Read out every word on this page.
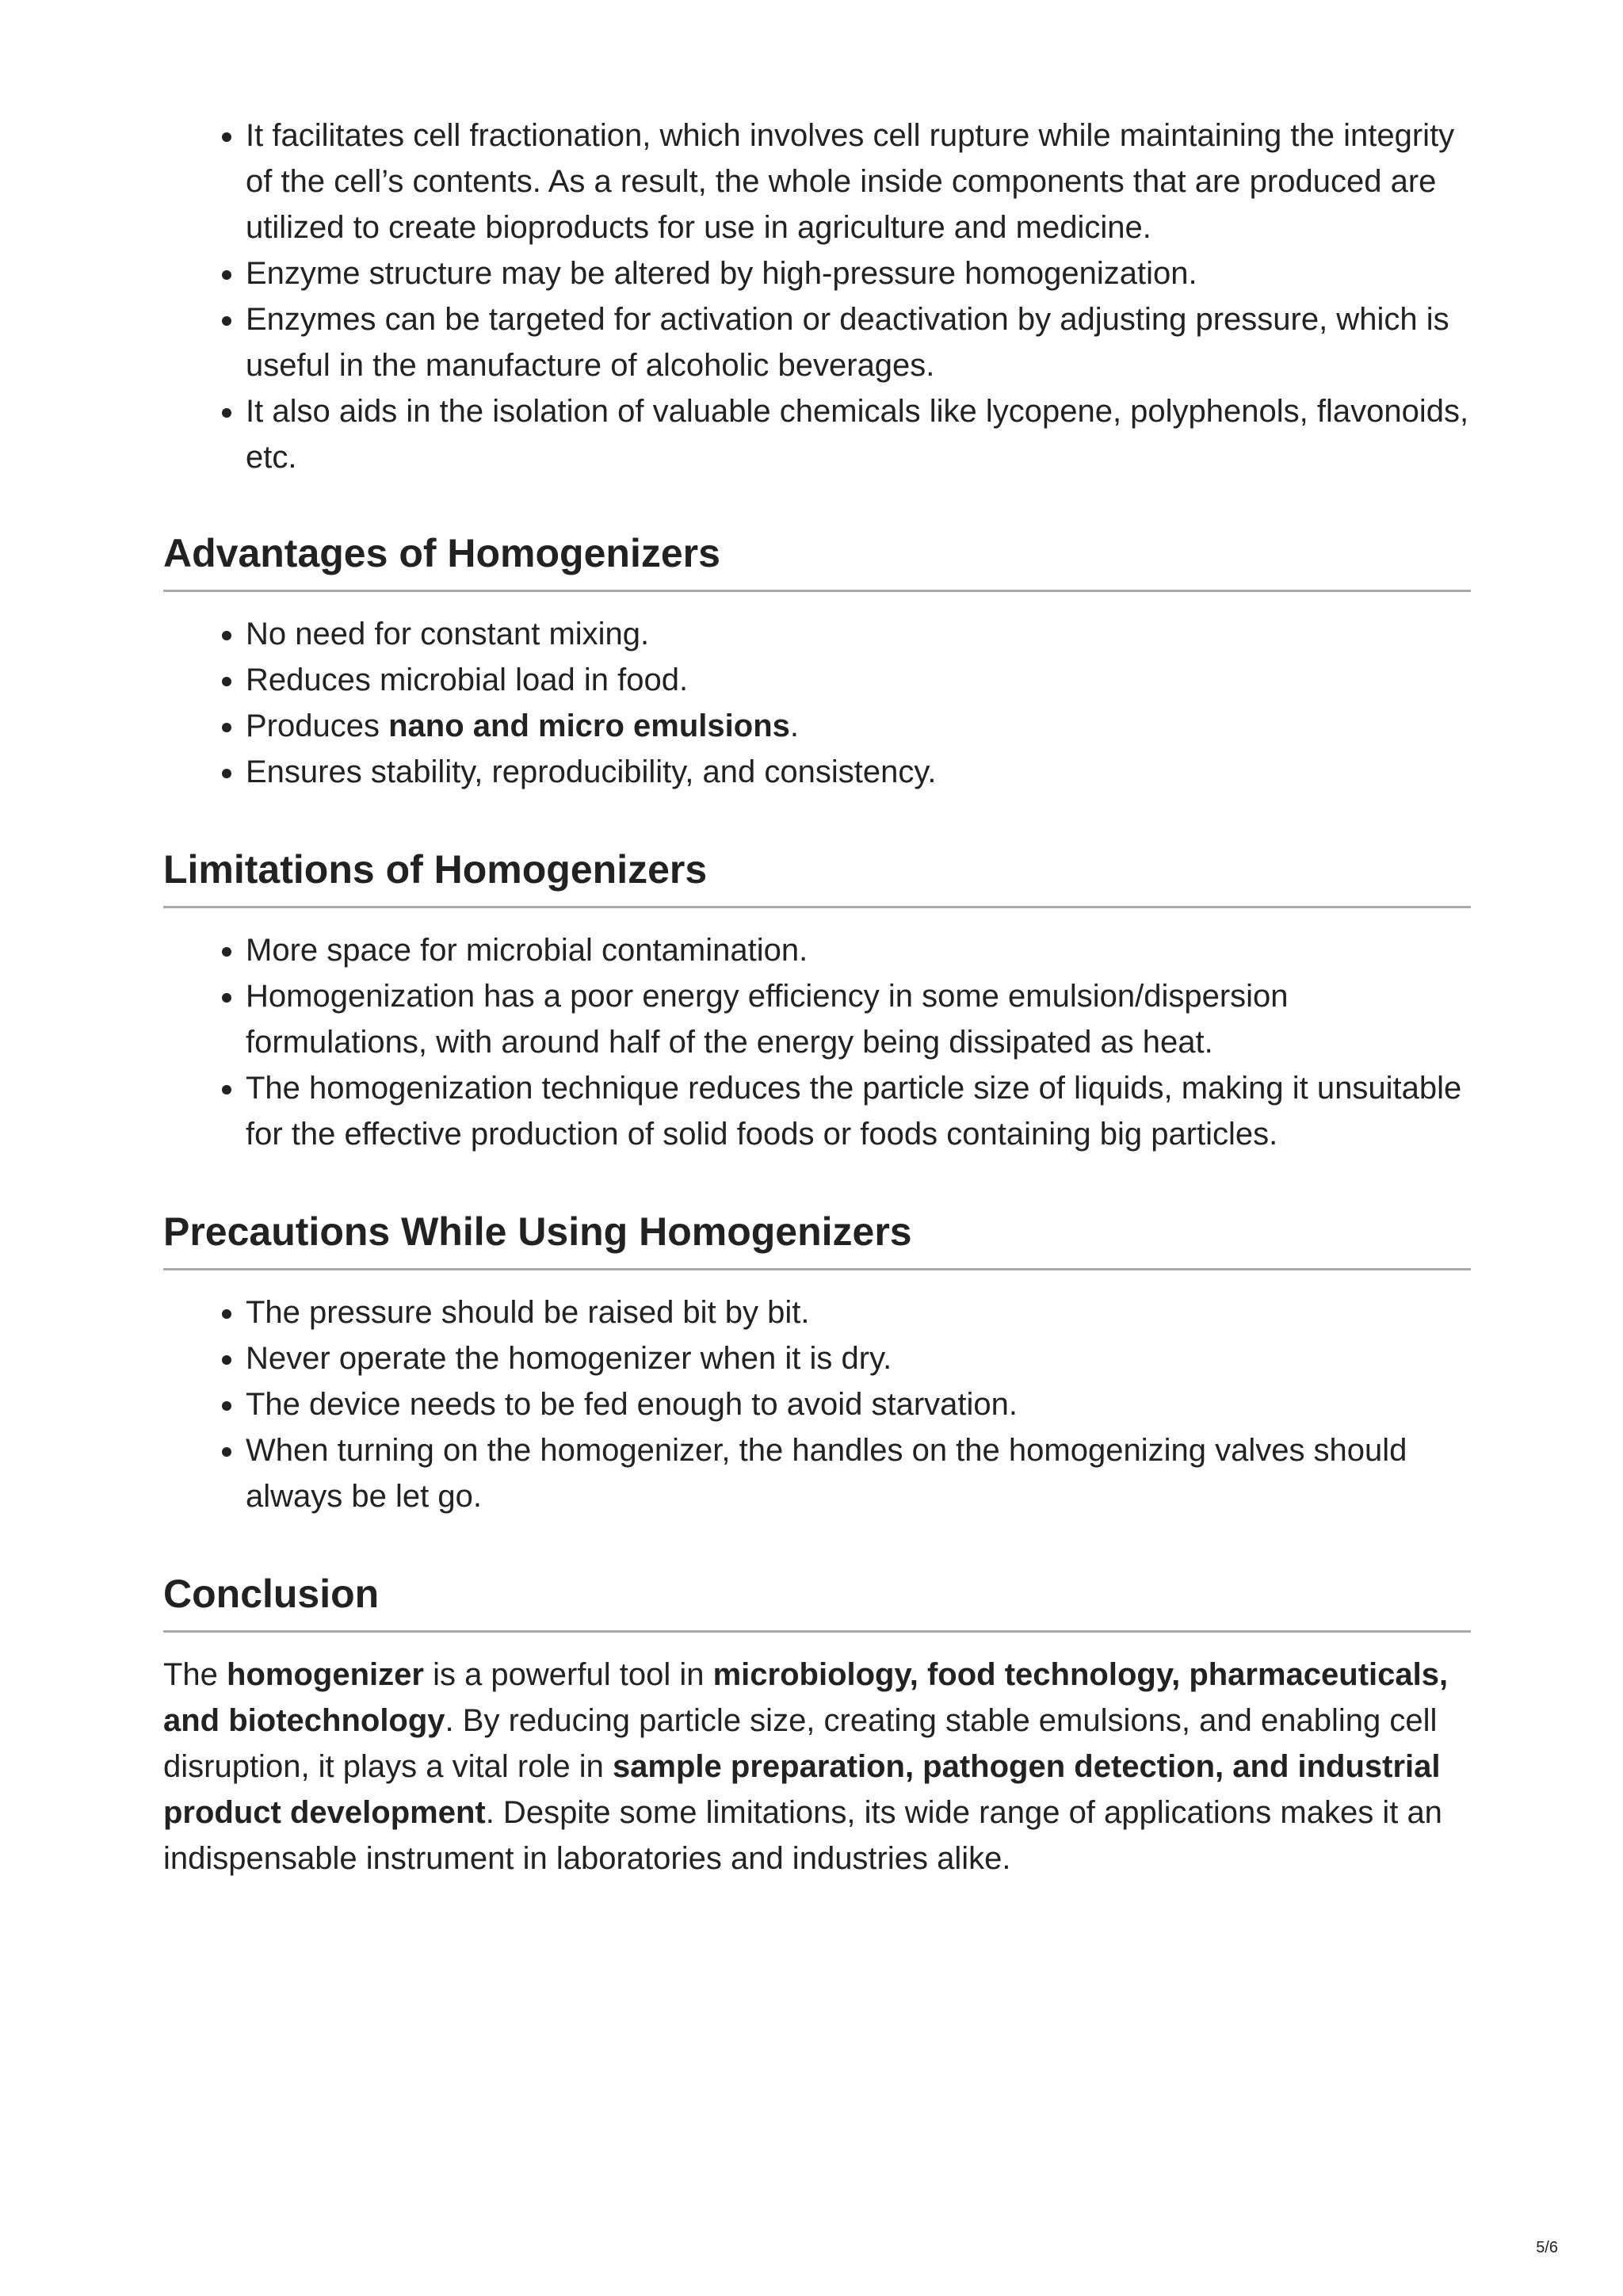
• It facilitates cell fractionation, which involves cell rupture while maintaining the integrity of the cell’s contents. As a result, the whole inside components that are produced are utilized to create bioproducts for use in agriculture and medicine.
• Enzyme structure may be altered by high-pressure homogenization.
• Enzymes can be targeted for activation or deactivation by adjusting pressure, which is useful in the manufacture of alcoholic beverages.
• It also aids in the isolation of valuable chemicals like lycopene, polyphenols, flavonoids, etc.
Advantages of Homogenizers
• No need for constant mixing.
• Reduces microbial load in food.
• Produces nano and micro emulsions.
• Ensures stability, reproducibility, and consistency.
Limitations of Homogenizers
• More space for microbial contamination.
• Homogenization has a poor energy efficiency in some emulsion/dispersion formulations, with around half of the energy being dissipated as heat.
• The homogenization technique reduces the particle size of liquids, making it unsuitable for the effective production of solid foods or foods containing big particles.
Precautions While Using Homogenizers
• The pressure should be raised bit by bit.
• Never operate the homogenizer when it is dry.
• The device needs to be fed enough to avoid starvation.
• When turning on the homogenizer, the handles on the homogenizing valves should always be let go.
Conclusion

The homogenizer is a powerful tool in microbiology, food technology, pharmaceuticals, and biotechnology. By reducing particle size, creating stable emulsions, and enabling cell disruption, it plays a vital role in sample preparation, pathogen detection, and industrial product development. Despite some limitations, its wide range of applications makes it an indispensable instrument in laboratories and industries alike.

5/6
